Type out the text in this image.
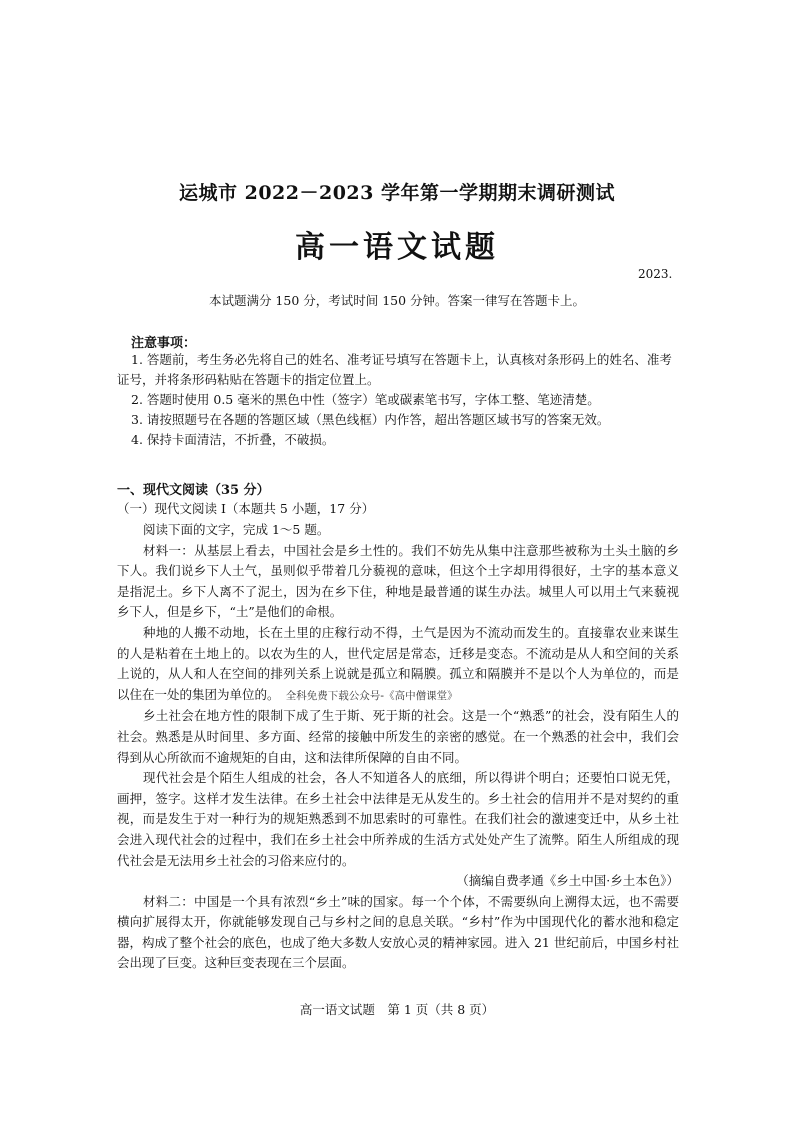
运城市 2022－2023 学年第一学期期末调研测试
高一语文试题
2023.
本试题满分 150 分，考试时间 150 分钟。答案一律写在答题卡上。
注意事项：

1. 答题前，考生务必先将自己的姓名、准考证号填写在答题卡上，认真核对条形码上的姓名、准考证号，并将条形码粘贴在答题卡的指定位置上。

2. 答题时使用 0.5 毫米的黑色中性（签字）笔或碳素笔书写，字体工整、笔迹清楚。

3. 请按照题号在各题的答题区域（黑色线框）内作答，超出答题区域书写的答案无效。

4. 保持卡面清洁，不折叠，不破损。

一、现代文阅读（35 分）
（一）现代文阅读 Ⅰ（本题共 5 小题，17 分）

阅读下面的文字，完成 1～5 题。

材料一：从基层上看去，中国社会是乡土性的。我们不妨先从集中注意那些被称为土头土脑的乡下人。我们说乡下人土气，虽则似乎带着几分藐视的意味，但这个土字却用得很好，土字的基本意义是指泥土。乡下人离不了泥土，因为在乡下住，种地是最普通的谋生办法。城里人可以用土气来藐视乡下人，但是乡下，“土”是他们的命根。

种地的人搬不动地，长在土里的庄稼行动不得，土气是因为不流动而发生的。直接靠农业来谋生的人是粘着在土地上的。以农为生的人，世代定居是常态，迁移是变态。不流动是从人和空间的关系上说的，从人和人在空间的排列关系上说就是孤立和隔膜。孤立和隔膜并不是以个人为单位的，而是以住在一处的集团为单位的。　 全科免费下载公众号-《高中僧课堂》

乡土社会在地方性的限制下成了生于斯、死于斯的社会。这是一个“熟悉”的社会，没有陌生人的社会。熟悉是从时间里、多方面、经常的接触中所发生的亲密的感觉。在一个熟悉的社会中，我们会得到从心所欲而不逾规矩的自由，这和法律所保障的自由不同。

现代社会是个陌生人组成的社会，各人不知道各人的底细，所以得讲个明白；还要怕口说无凭，画押，签字。这样才发生法律。在乡土社会中法律是无从发生的。乡土社会的信用并不是对契约的重视，而是发生于对一种行为的规矩熟悉到不加思索时的可靠性。在我们社会的激速变迁中，从乡土社会进入现代社会的过程中，我们在乡土社会中所养成的生活方式处处产生了流弊。陌生人所组成的现代社会是无法用乡土社会的习俗来应付的。

（摘编自费孝通《乡土中国·乡土本色》）

材料二：中国是一个具有浓烈“乡土”味的国家。每一个个体，不需要纵向上溯得太远，也不需要横向扩展得太开，你就能够发现自己与乡村之间的息息关联。“乡村”作为中国现代化的蓄水池和稳定器，构成了整个社会的底色，也成了绝大多数人安放心灵的精神家园。进入 21 世纪前后，中国乡村社会出现了巨变。这种巨变表现在三个层面。

高一语文试题　第 1 页（共 8 页）
